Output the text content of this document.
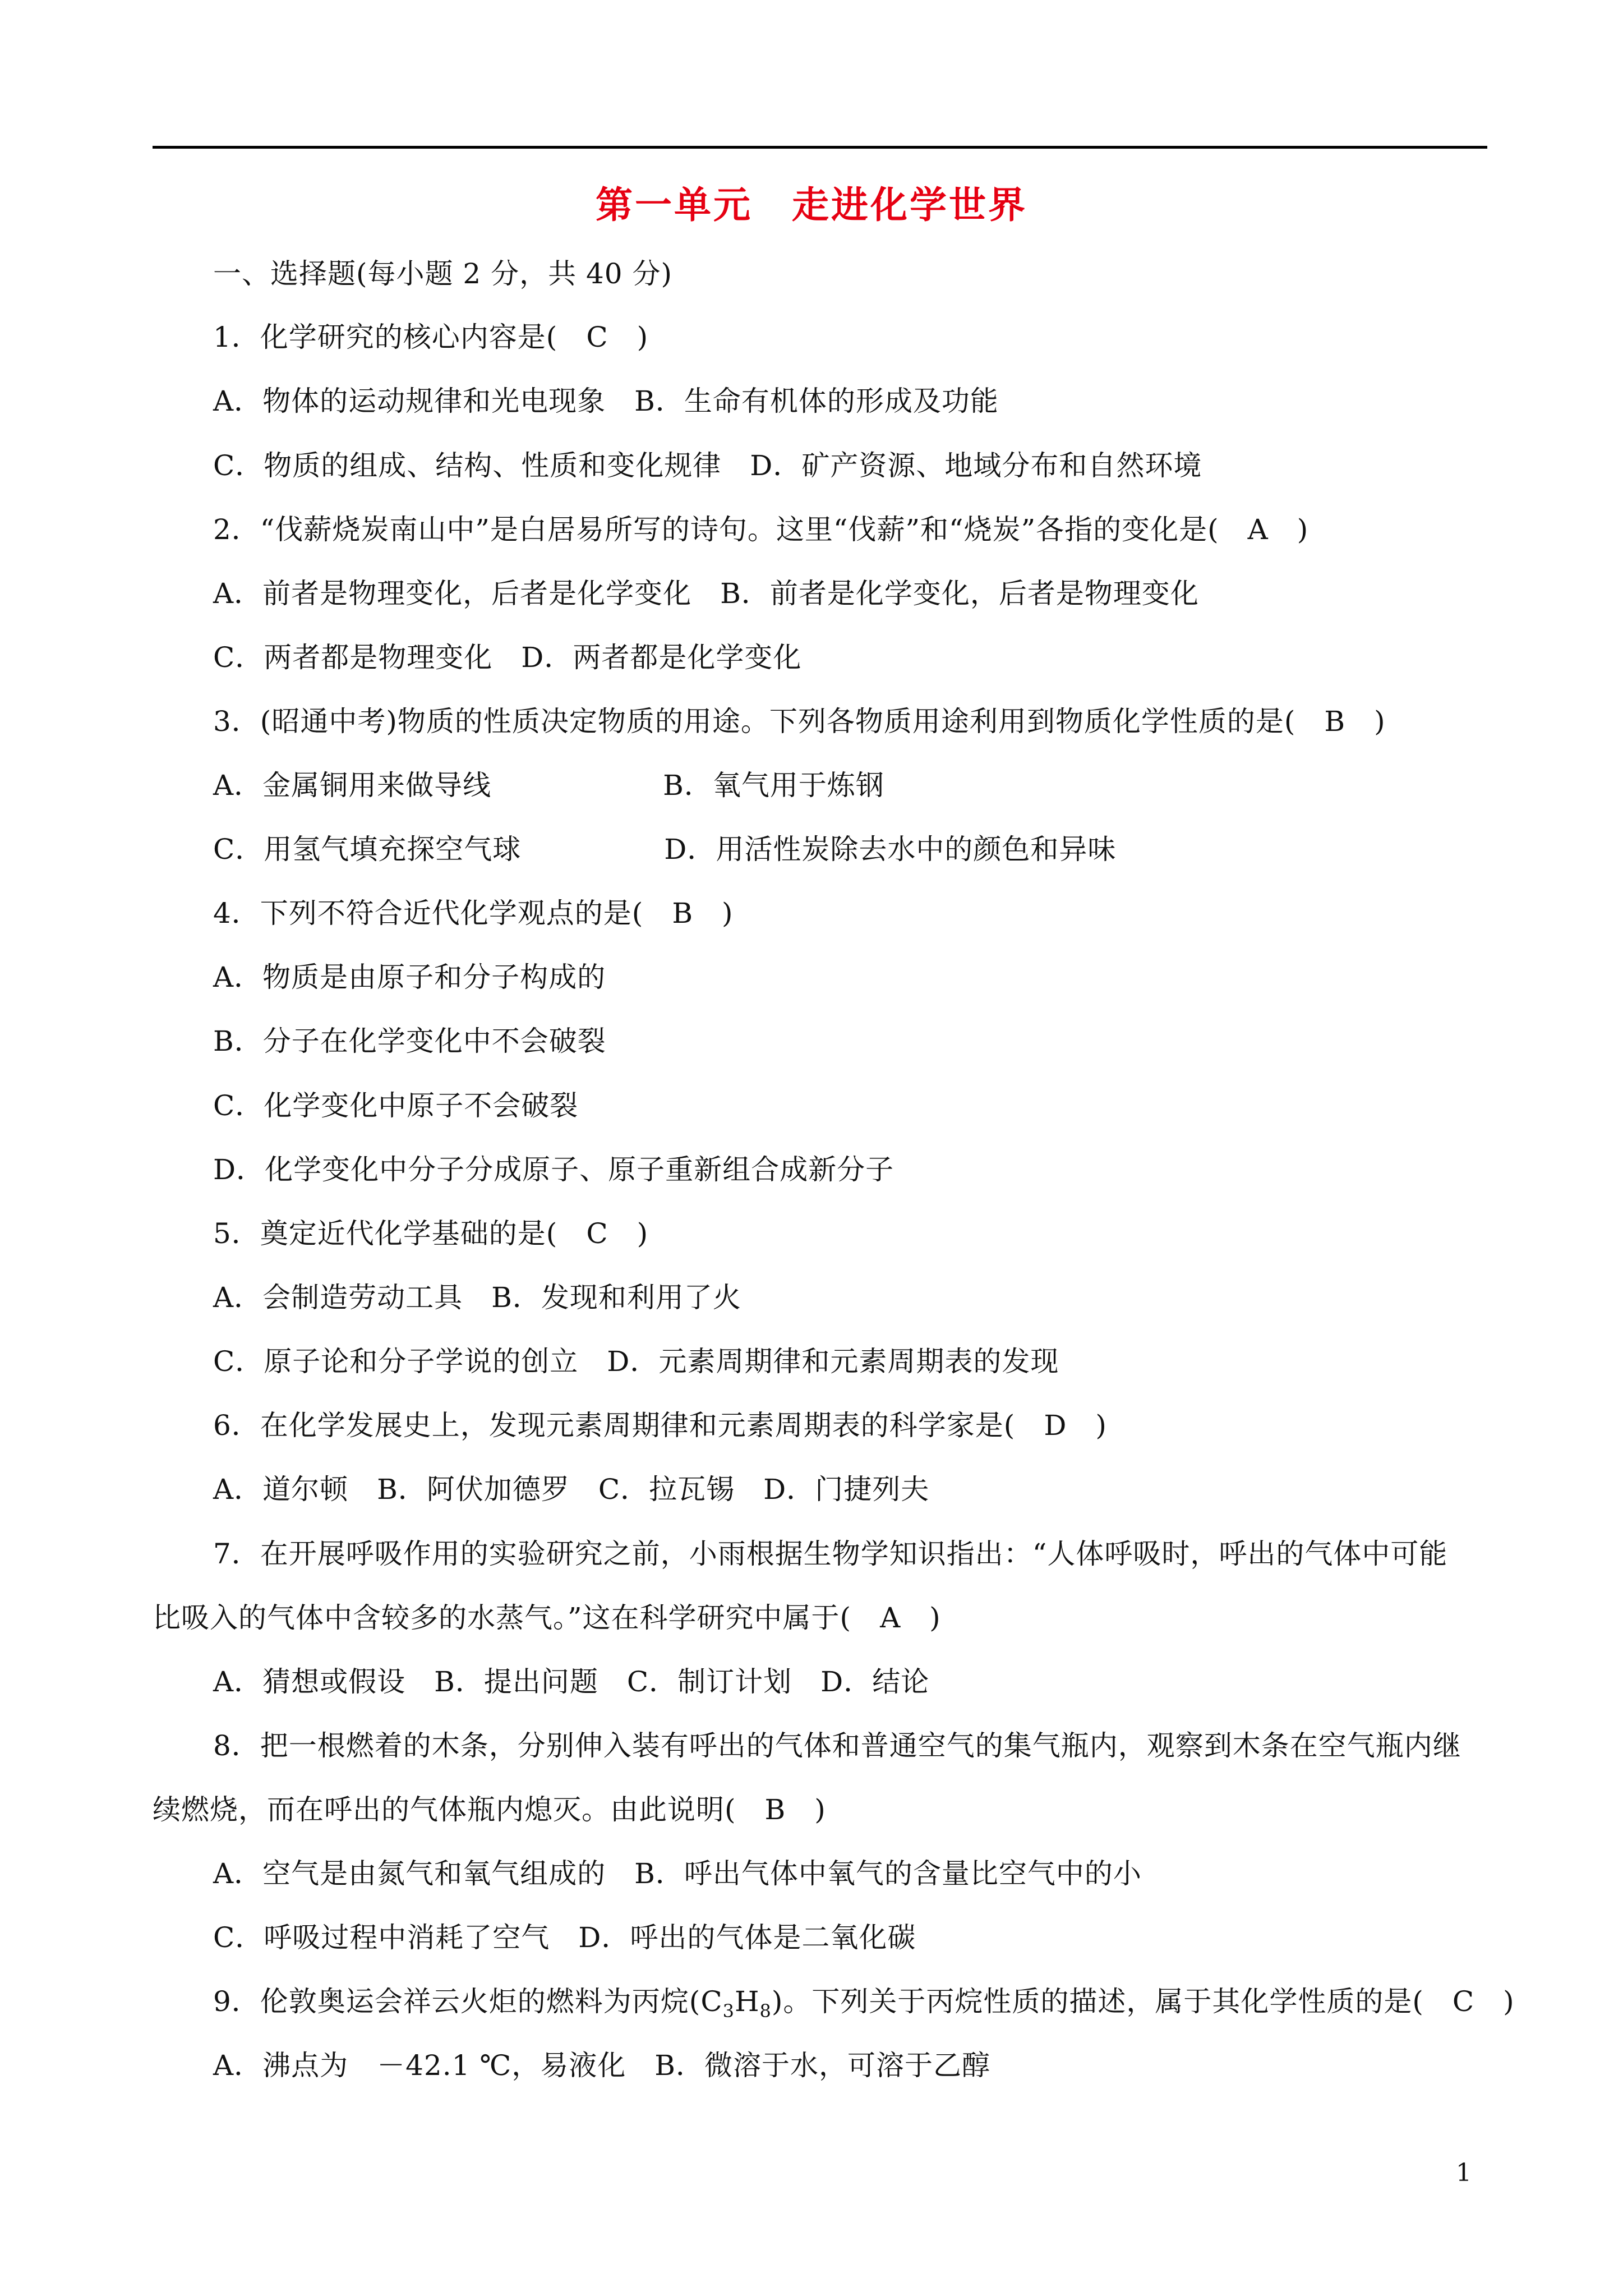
第一单元　走进化学世界
一、选择题(每小题 2 分，共 40 分)
1．化学研究的核心内容是(　C　)
A．物体的运动规律和光电现象　B．生命有机体的形成及功能
C．物质的组成、结构、性质和变化规律　D．矿产资源、地域分布和自然环境
2．“伐薪烧炭南山中”是白居易所写的诗句。这里“伐薪”和“烧炭”各指的变化是(　A　)
A．前者是物理变化，后者是化学变化　B．前者是化学变化，后者是物理变化
C．两者都是物理变化　D．两者都是化学变化
3．(昭通中考)物质的性质决定物质的用途。下列各物质用途利用到物质化学性质的是(　B　)
A．金属铜用来做导线　　　　　　B．氧气用于炼钢
C．用氢气填充探空气球　　　　　D．用活性炭除去水中的颜色和异味
4．下列不符合近代化学观点的是(　B　)
A．物质是由原子和分子构成的
B．分子在化学变化中不会破裂
C．化学变化中原子不会破裂
D．化学变化中分子分成原子、原子重新组合成新分子
5．奠定近代化学基础的是(　C　)
A．会制造劳动工具　B．发现和利用了火
C．原子论和分子学说的创立　D．元素周期律和元素周期表的发现
6．在化学发展史上，发现元素周期律和元素周期表的科学家是(　D　)
A．道尔顿　B．阿伏加德罗　C．拉瓦锡　D．门捷列夫
7．在开展呼吸作用的实验研究之前，小雨根据生物学知识指出：“人体呼吸时，呼出的气体中可能
比吸入的气体中含较多的水蒸气。”这在科学研究中属于(　A　)
A．猜想或假设　B．提出问题　C．制订计划　D．结论
8．把一根燃着的木条，分别伸入装有呼出的气体和普通空气的集气瓶内，观察到木条在空气瓶内继
续燃烧，而在呼出的气体瓶内熄灭。由此说明(　B　)
A．空气是由氮气和氧气组成的　B．呼出气体中氧气的含量比空气中的小
C．呼吸过程中消耗了空气　D．呼出的气体是二氧化碳
9．伦敦奥运会祥云火炬的燃料为丙烷$(C_3H_8)$。下列关于丙烷性质的描述，属于其化学性质的是(　C　)
A．沸点为　－42.1 ℃，易液化　B．微溶于水，可溶于乙醇
1
